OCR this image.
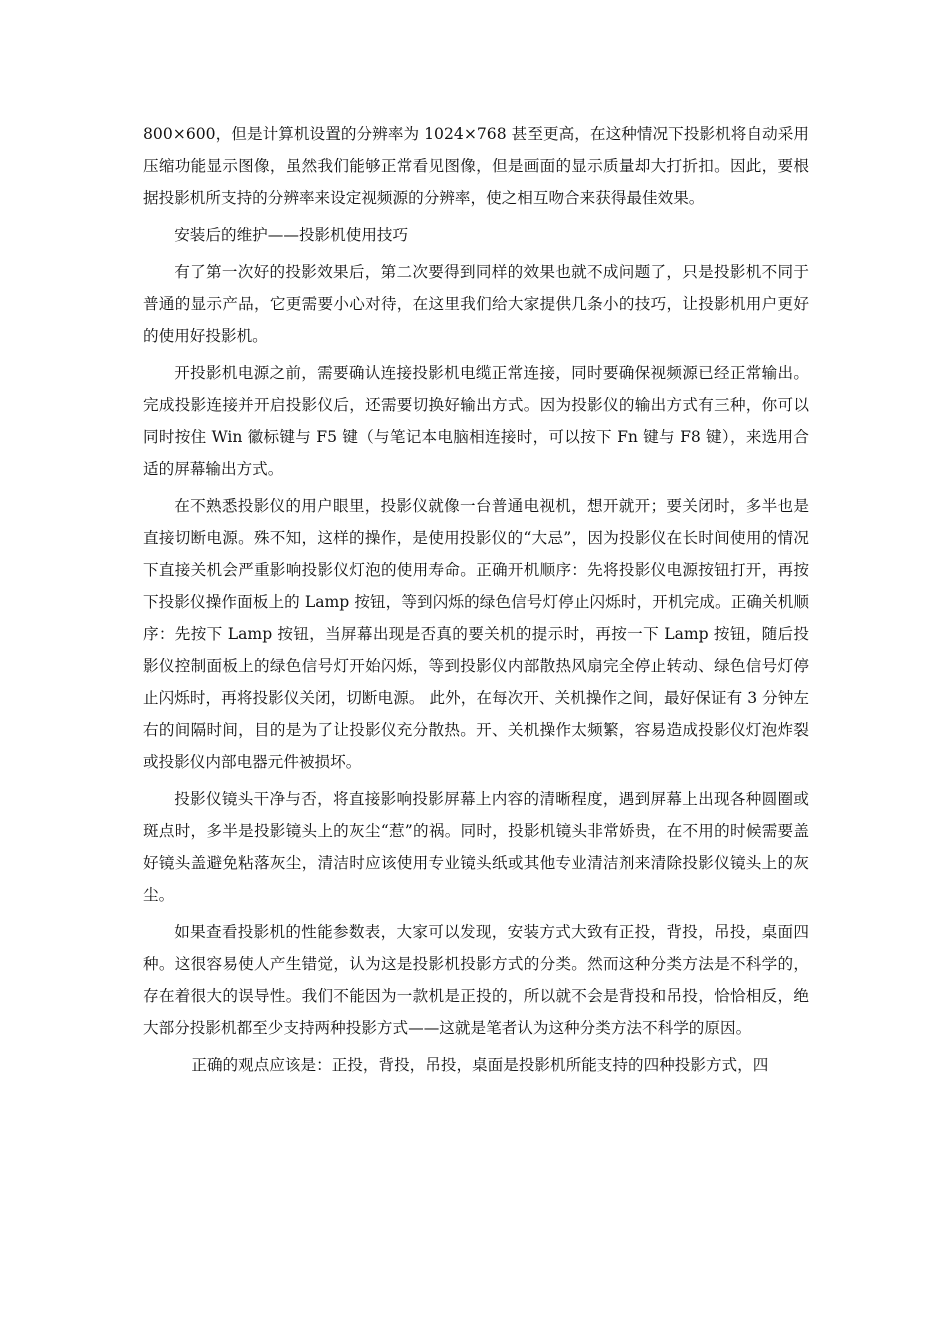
800×600，但是计算机设置的分辨率为 1024×768 甚至更高，在这种情况下投影机将自动采用压缩功能显示图像，虽然我们能够正常看见图像，但是画面的显示质量却大打折扣。因此，要根据投影机所支持的分辨率来设定视频源的分辨率，使之相互吻合来获得最佳效果。

安装后的维护——投影机使用技巧

有了第一次好的投影效果后，第二次要得到同样的效果也就不成问题了，只是投影机不同于普通的显示产品，它更需要小心对待，在这里我们给大家提供几条小的技巧，让投影机用户更好的使用好投影机。

开投影机电源之前，需要确认连接投影机电缆正常连接，同时要确保视频源已经正常输出。完成投影连接并开启投影仪后，还需要切换好输出方式。因为投影仪的输出方式有三种，你可以同时按住 Win 徽标键与 F5 键（与笔记本电脑相连接时，可以按下 Fn 键与 F8 键），来选用合适的屏幕输出方式。

在不熟悉投影仪的用户眼里，投影仪就像一台普通电视机，想开就开；要关闭时，多半也是直接切断电源。殊不知，这样的操作，是使用投影仪的“大忌”，因为投影仪在长时间使用的情况下直接关机会严重影响投影仪灯泡的使用寿命。正确开机顺序：先将投影仪电源按钮打开，再按下投影仪操作面板上的 Lamp 按钮，等到闪烁的绿色信号灯停止闪烁时，开机完成。正确关机顺序：先按下 Lamp 按钮，当屏幕出现是否真的要关机的提示时，再按一下 Lamp 按钮，随后投影仪控制面板上的绿色信号灯开始闪烁，等到投影仪内部散热风扇完全停止转动、绿色信号灯停止闪烁时，再将投影仪关闭，切断电源。 此外，在每次开、关机操作之间，最好保证有 3 分钟左右的间隔时间，目的是为了让投影仪充分散热。开、关机操作太频繁，容易造成投影仪灯泡炸裂或投影仪内部电器元件被损坏。

投影仪镜头干净与否，将直接影响投影屏幕上内容的清晰程度，遇到屏幕上出现各种圆圈或斑点时，多半是投影镜头上的灰尘“惹”的祸。同时，投影机镜头非常娇贵，在不用的时候需要盖好镜头盖避免粘落灰尘，清洁时应该使用专业镜头纸或其他专业清洁剂来清除投影仪镜头上的灰尘。

如果查看投影机的性能参数表，大家可以发现，安装方式大致有正投，背投，吊投，桌面四种。这很容易使人产生错觉，认为这是投影机投影方式的分类。然而这种分类方法是不科学的，存在着很大的误导性。我们不能因为一款机是正投的，所以就不会是背投和吊投，恰恰相反，绝大部分投影机都至少支持两种投影方式——这就是笔者认为这种分类方法不科学的原因。

正确的观点应该是：正投，背投，吊投，桌面是投影机所能支持的四种投影方式，四
